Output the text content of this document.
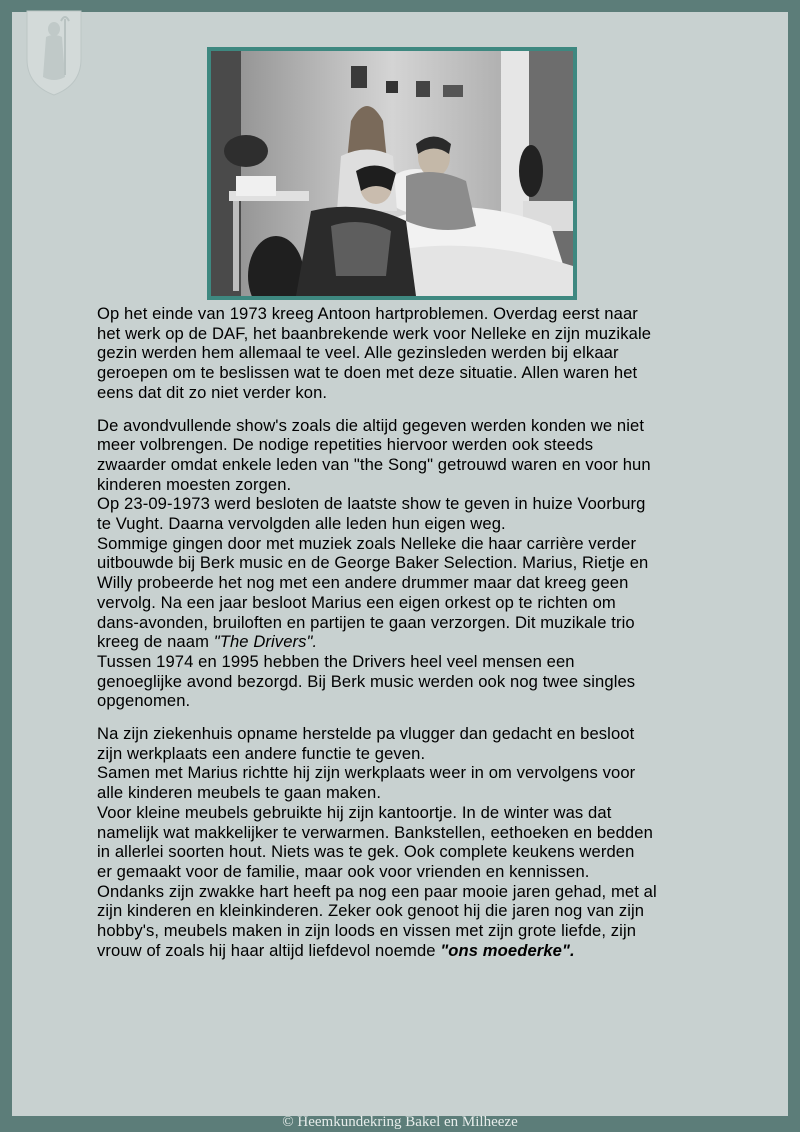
Op het einde van 1973 kreeg Antoon hartproblemen. Overdag eerst naar
het werk op de DAF, het baanbrekende werk voor Nelleke en zijn muzikale
gezin werden hem allemaal te veel. Alle gezinsleden werden bij elkaar
geroepen om te beslissen wat te doen met deze situatie. Allen waren het
eens dat dit zo niet verder kon.

De avondvullende show's zoals die altijd gegeven werden konden we niet
meer volbrengen. De nodige repetities hiervoor werden ook steeds
zwaarder omdat enkele leden van "the Song" getrouwd waren en voor hun
kinderen moesten zorgen.
Op 23-09-1973 werd besloten de laatste show te geven in huize Voorburg
te Vught. Daarna vervolgden alle leden hun eigen weg.
Sommige gingen door met muziek zoals Nelleke die haar carrière verder
uitbouwde bij Berk music en de George Baker Selection. Marius, Rietje en
Willy probeerde het nog met een andere drummer maar dat kreeg geen
vervolg. Na een jaar besloot Marius een eigen orkest op te richten om
dans-avonden, bruiloften en partijen te gaan verzorgen. Dit muzikale trio
kreeg de naam "The Drivers".
Tussen 1974 en 1995 hebben the Drivers heel veel mensen een
genoeglijke avond bezorgd. Bij Berk music werden ook nog twee singles
opgenomen.

Na zijn ziekenhuis opname herstelde pa vlugger dan gedacht en besloot
zijn werkplaats een andere functie te geven.
Samen met Marius richtte hij zijn werkplaats weer in om vervolgens voor
alle kinderen meubels te gaan maken.
Voor kleine meubels gebruikte hij zijn kantoortje. In de winter was dat
namelijk wat makkelijker te verwarmen. Bankstellen, eethoeken en bedden
in allerlei soorten hout. Niets was te gek. Ook complete keukens werden
er gemaakt voor de familie, maar ook voor vrienden en kennissen.
Ondanks zijn zwakke hart heeft pa nog een paar mooie jaren gehad, met al
zijn kinderen en kleinkinderen. Zeker ook genoot hij die jaren nog van zijn
hobby's, meubels maken in zijn loods en vissen met zijn grote liefde, zijn
vrouw of zoals hij haar altijd liefdevol noemde "ons moederke".

© Heemkundekring Bakel en Milheeze
